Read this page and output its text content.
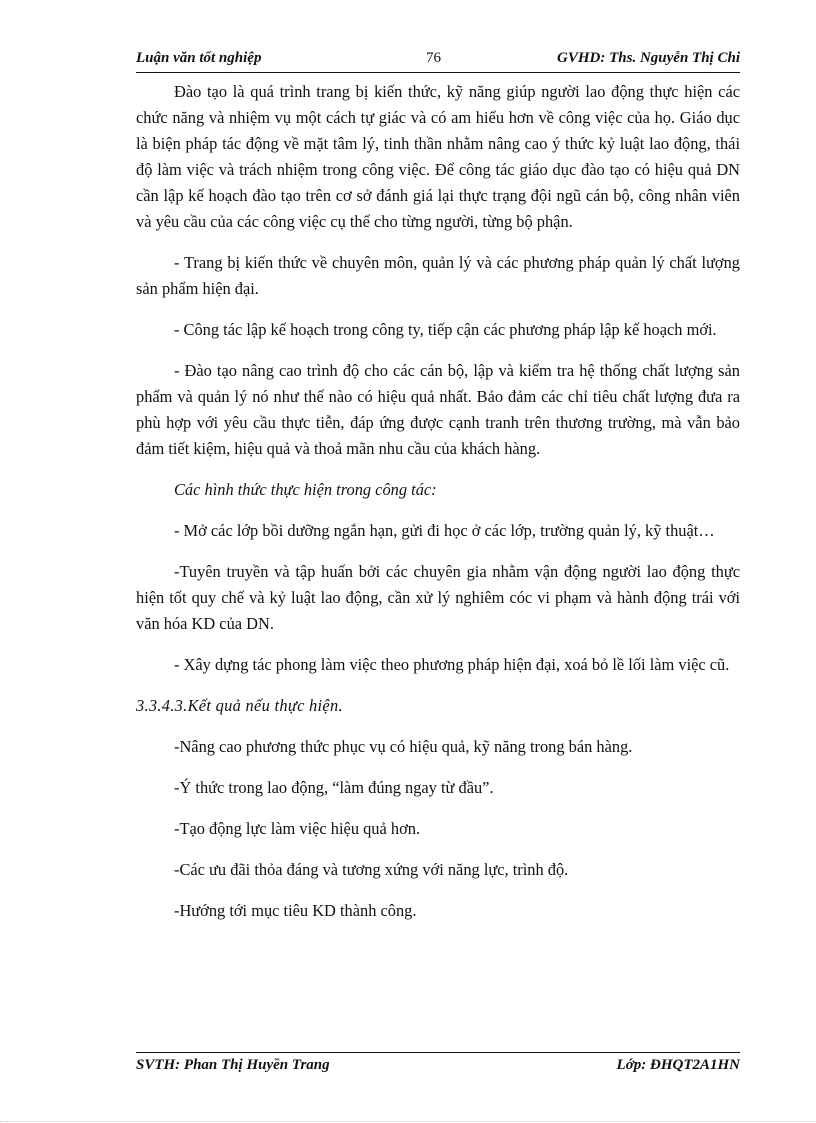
Luận văn tốt nghiệp	76	GVHD: Ths. Nguyễn Thị Chi

Đào tạo là quá trình trang bị kiến thức, kỹ năng giúp người lao động thực hiện các chức năng và nhiệm vụ một cách tự giác và có am hiểu hơn về công việc của họ. Giáo dục là biện pháp tác động về mặt tâm lý, tinh thần nhằm nâng cao ý thức kỷ luật lao động, thái độ làm việc và trách nhiệm trong công việc. Để công tác giáo dục đào tạo có hiệu quả DN cần lập kế hoạch đào tạo trên cơ sở đánh giá lại thực trạng đội ngũ cán bộ, công nhân viên và yêu cầu của các công việc cụ thể cho từng người, từng bộ phận.

- Trang bị kiến thức về chuyên môn, quản lý và các phương pháp quản lý chất lượng sản phẩm hiện đại.

- Công tác lập kế hoạch trong công ty, tiếp cận các phương pháp lập kế hoạch mới.

- Đào tạo nâng cao trình độ cho các cán bộ, lập và kiểm tra hệ thống chất lượng sản phẩm và quản lý nó như thế nào có hiệu quả nhất. Bảo đảm các chỉ tiêu chất lượng đưa ra phù hợp với yêu cầu thực tiễn, đáp ứng được cạnh tranh trên thương trường, mà vẫn bảo đảm tiết kiệm, hiệu quả và thoả mãn nhu cầu của khách hàng.

Các hình thức thực hiện trong công tác:

- Mở các lớp bồi dưỡng ngắn hạn, gửi đi học ở các lớp, trường quản lý, kỹ thuật…

-Tuyên truyền và tập huấn bởi các chuyên gia nhằm vận động người lao động thực hiện tốt quy chế và kỷ luật lao động, cần xử lý nghiêm cóc vi phạm và hành động trái với văn hóa KD của DN.

- Xây dựng tác phong làm việc theo phương pháp hiện đại, xoá bỏ lề lối làm việc cũ.

3.3.4.3.Kết quả nếu thực hiện.

-Nâng cao phương thức phục vụ có hiệu quả, kỹ năng trong bán hàng.

-Ý thức trong lao động, “làm đúng ngay từ đầu”.

-Tạo động lực làm việc hiệu quả hơn.

-Các ưu đãi thỏa đáng và tương xứng với năng lực, trình độ.

-Hướng tới mục tiêu KD thành công.

SVTH: Phan Thị Huyền Trang	Lớp: ĐHQT2A1HN
